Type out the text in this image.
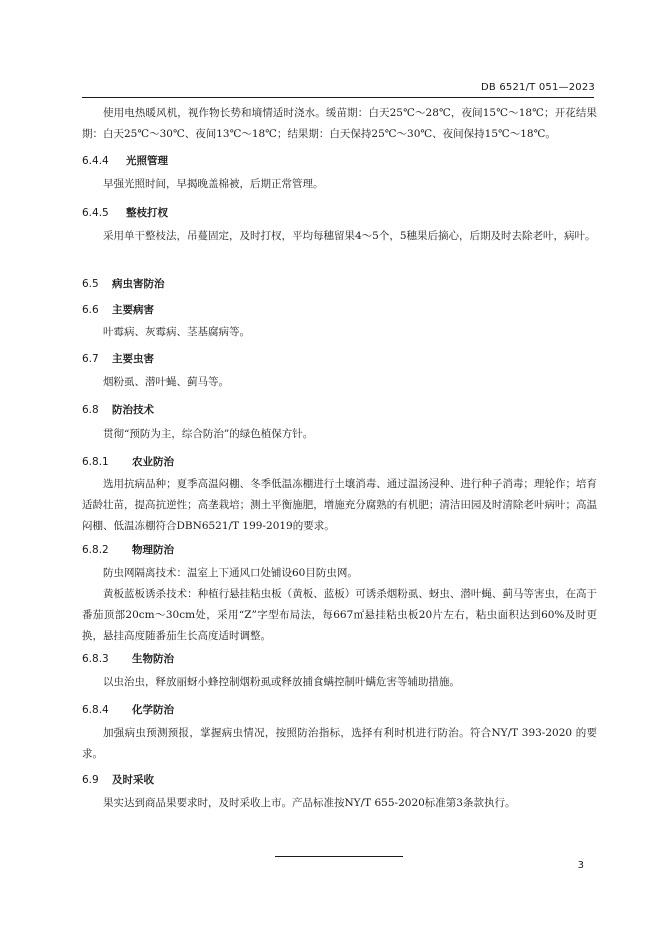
DB 6521/T 051—2023

使用电热暖风机，视作物长势和墒情适时浇水。缓苗期：白天25℃～28℃，夜间15℃～18℃；开花结果期：白天25℃～30℃、夜间13℃～18℃；结果期：白天保持25℃～30℃、夜间保持15℃～18℃。

6.4.4 光照管理

早强光照时间，早揭晚盖棉被，后期正常管理。

6.4.5 整枝打杈

采用单干整枝法，吊蔓固定，及时打杈，平均每穗留果4～5个，5穗果后摘心，后期及时去除老叶，病叶。

6.5 病虫害防治
6.6 主要病害

叶霉病、灰霉病、茎基腐病等。

6.7 主要虫害

烟粉虱、潜叶蝇、蓟马等。

6.8 防治技术

贯彻“预防为主，综合防治”的绿色植保方针。

6.8.1 农业防治

选用抗病品种；夏季高温闷棚、冬季低温冻棚进行土壤消毒、通过温汤浸种、进行种子消毒；理轮作；培育适龄壮苗，提高抗逆性；高垄栽培；测土平衡施肥，增施充分腐熟的有机肥；清洁田园及时清除老叶病叶；高温闷棚、低温冻棚符合DBN6521/T 199-2019的要求。

6.8.2 物理防治

防虫网隔离技术：温室上下通风口处铺设60目防虫网。

黄板蓝板诱杀技术：种植行悬挂粘虫板（黄板、蓝板）可诱杀烟粉虱、蚜虫、潜叶蝇、蓟马等害虫，在高于番茄顶部20cm～30cm处，采用“Z”字型布局法，每667㎡悬挂粘虫板20片左右，粘虫面积达到60%及时更换，悬挂高度随番茄生长高度适时调整。

6.8.3 生物防治

以虫治虫，释放丽蚜小蜂控制烟粉虱或释放捕食螨控制叶螨危害等辅助措施。

6.8.4 化学防治

加强病虫预测预报，掌握病虫情况，按照防治指标，选择有利时机进行防治。符合NY/T 393-2020 的要求。

6.9 及时采收

果实达到商品果要求时，及时采收上市。产品标准按NY/T 655-2020标准第3条款执行。

3
